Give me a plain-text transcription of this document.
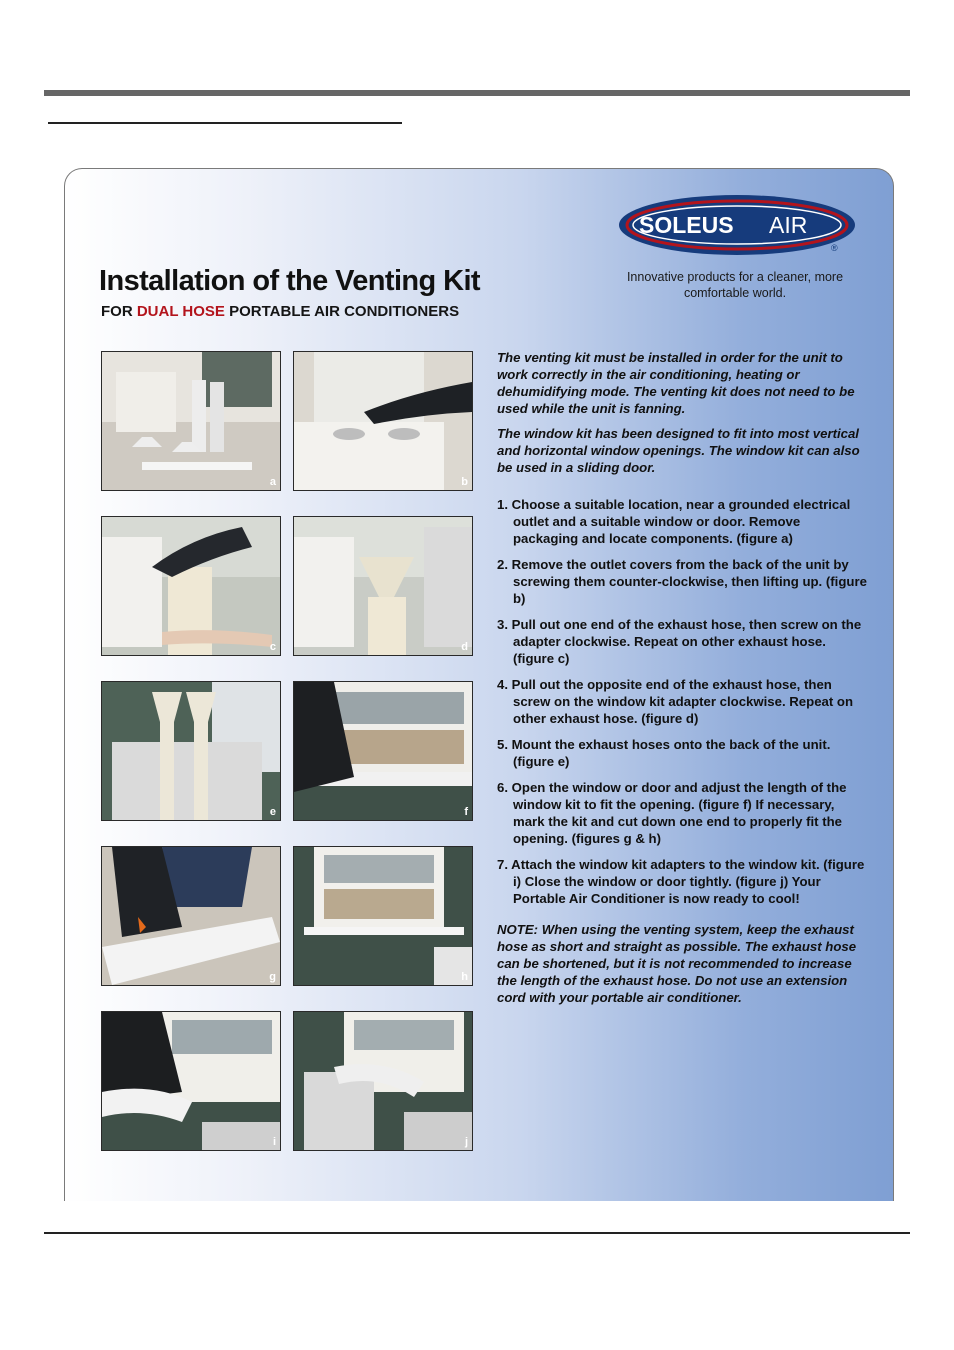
SOLEUS AIR
®
Innovative products for a cleaner, more comfortable world.
Installation of the Venting Kit
FOR DUAL HOSE PORTABLE AIR CONDITIONERS
a	b
c	d
e	f
g	h
i	j

The venting kit must be installed in order for the unit to work correctly in the air conditioning, heating or dehumidifying mode. The venting kit does not need to be used while the unit is fanning.

The window kit has been designed to fit into most vertical and horizontal window openings. The window kit can also be used in a sliding door.

1. Choose a suitable location, near a grounded electrical outlet and a suitable window or door. Remove packaging and locate components. (figure a)
2. Remove the outlet covers from the back of the unit by screwing them counter-clockwise, then lifting up. (figure b)
3. Pull out one end of the exhaust hose, then screw on the adapter clockwise. Repeat on other exhaust hose. (figure c)
4. Pull out the opposite end of the exhaust hose, then screw on the window kit adapter clockwise. Repeat on other exhaust hose. (figure d)
5. Mount the exhaust hoses onto the back of the unit. (figure e)
6. Open the window or door and adjust the length of the window kit to fit the opening. (figure f) If necessary, mark the kit and cut down one end to properly fit the opening. (figures g & h)
7. Attach the window kit adapters to the window kit. (figure i) Close the window or door tightly. (figure j) Your Portable Air Conditioner is now ready to cool!

NOTE: When using the venting system, keep the exhaust hose as short and straight as possible. The exhaust hose can be shortened, but it is not recommended to increase the length of the exhaust hose. Do not use an extension cord with your portable air conditioner.
